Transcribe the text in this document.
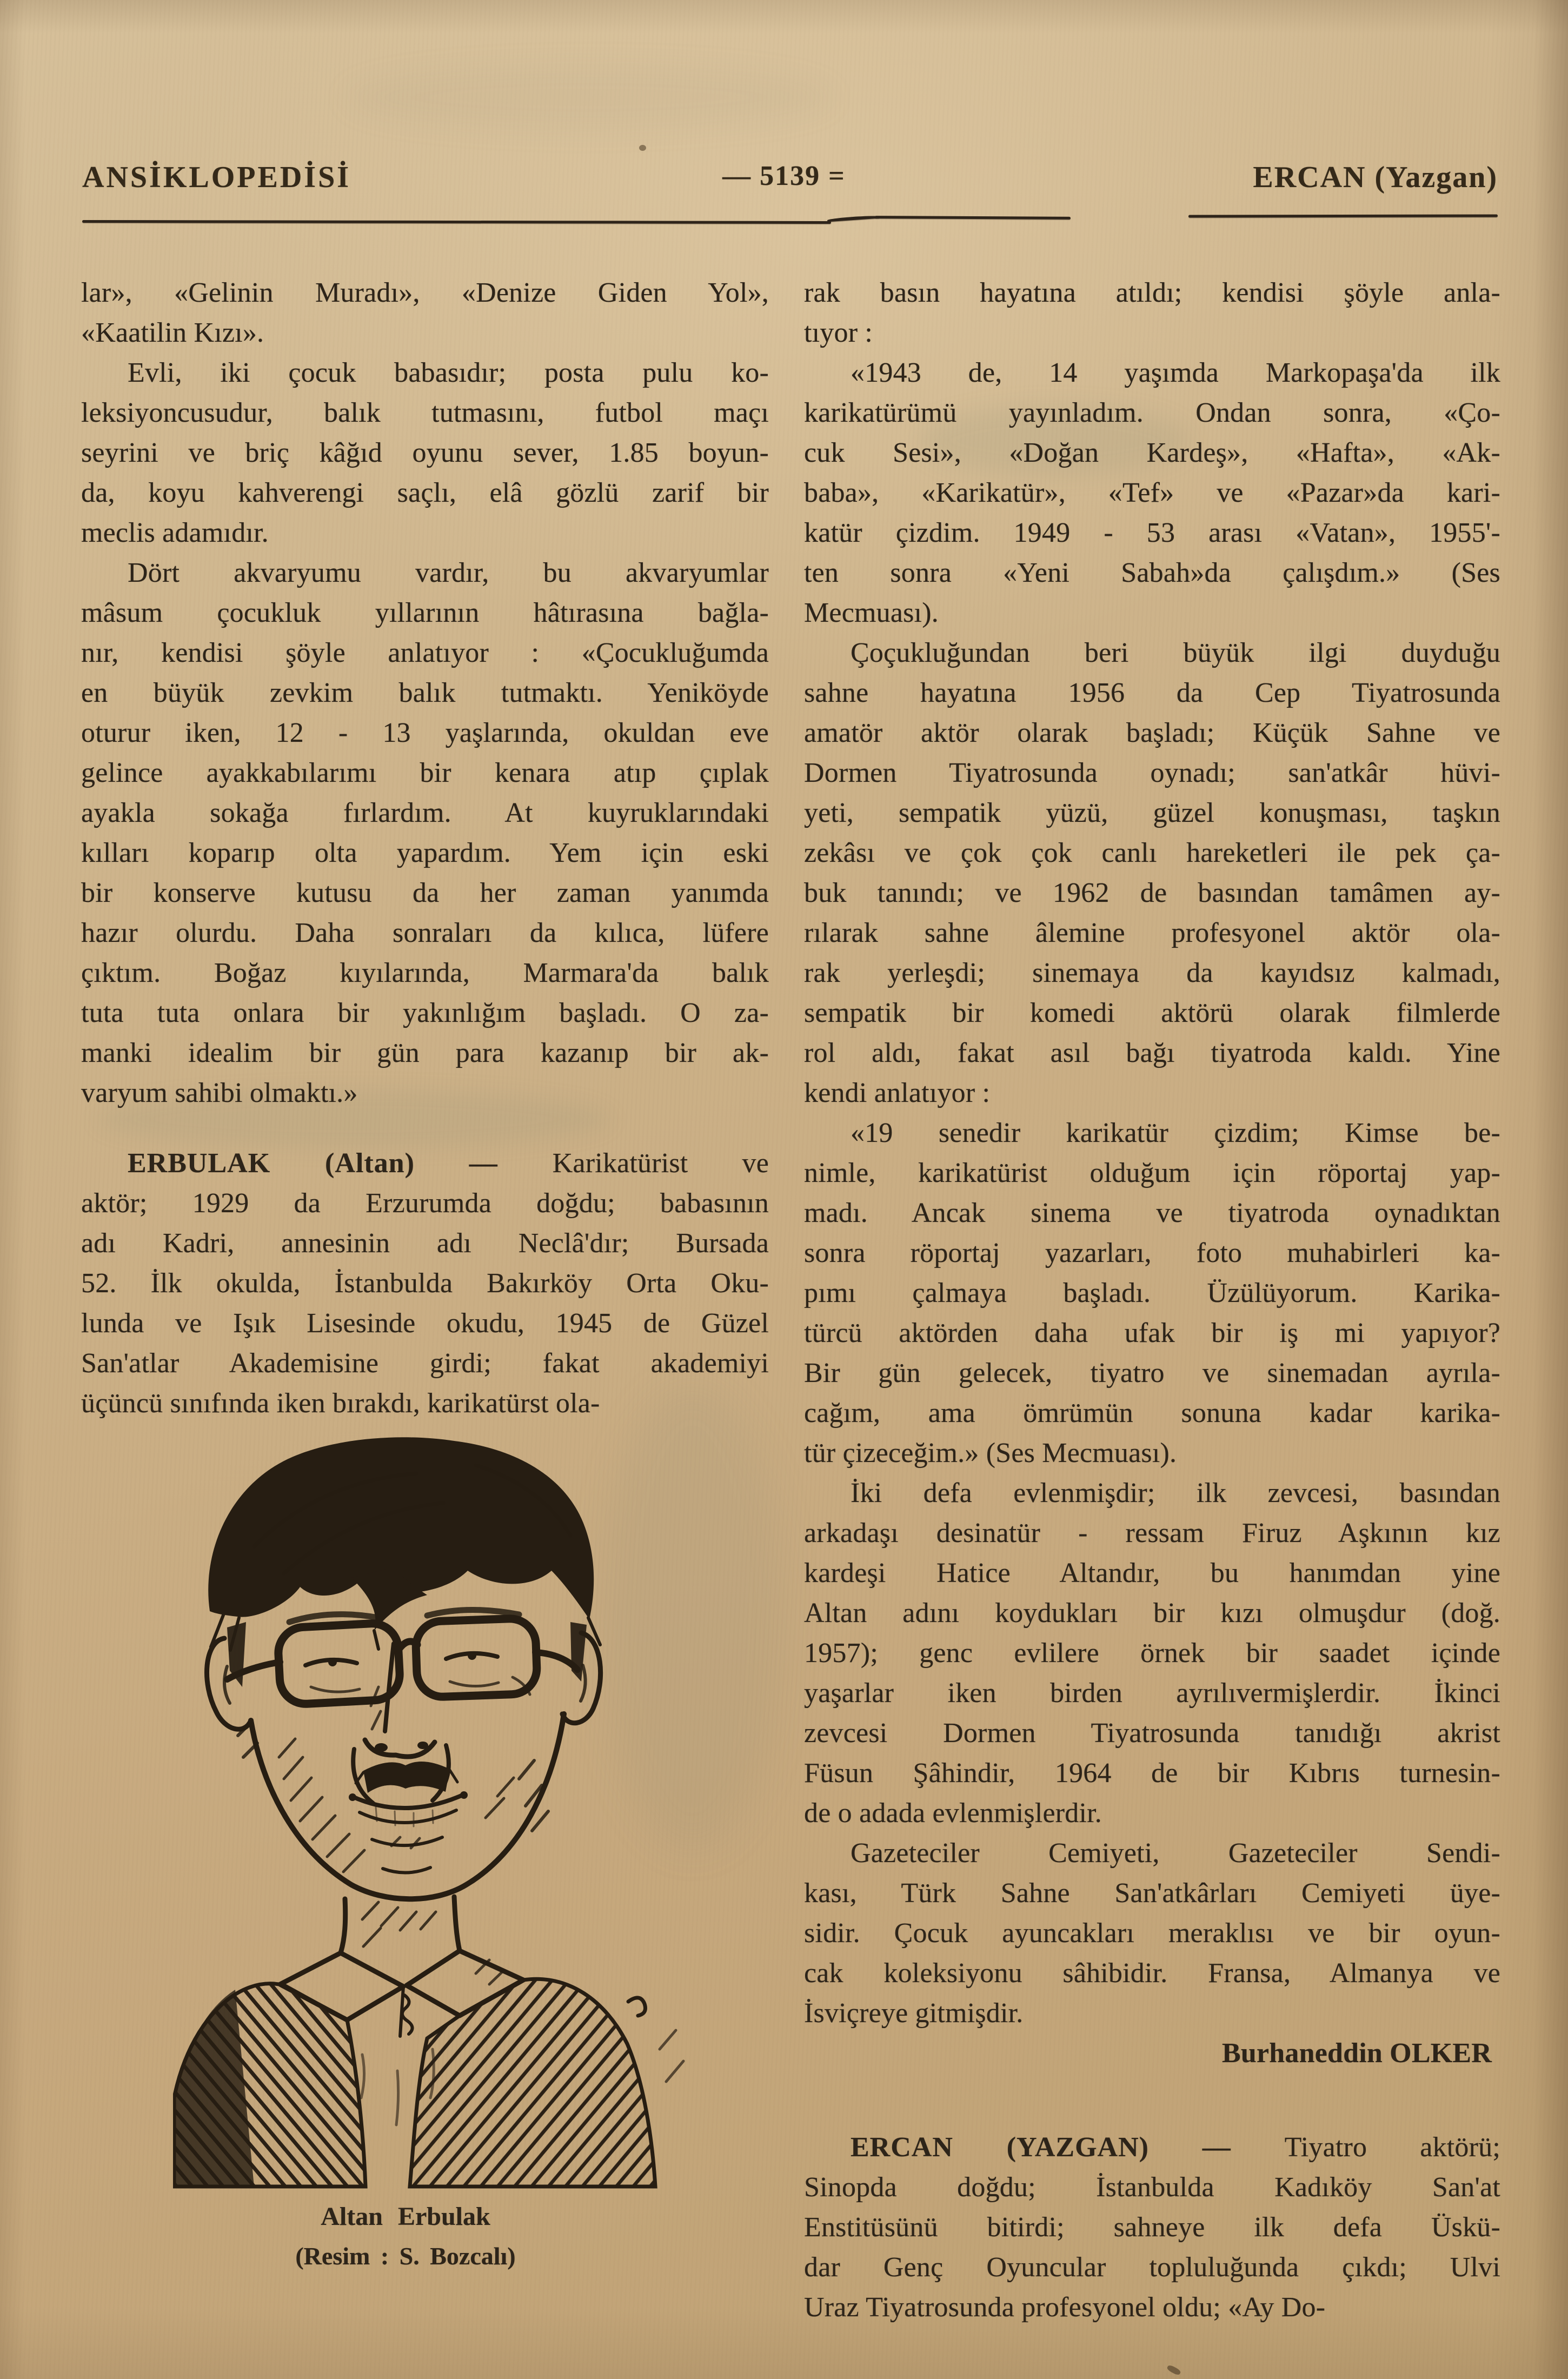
ANSİKLOPEDİSİ	— 5139 =	ERCAN (Yazgan)
lar», «Gelinin Muradı», «Denize Giden Yol»,
«Kaatilin Kızı».
Evli, iki çocuk babasıdır; posta pulu ko-
leksiyoncusudur, balık tutmasını, futbol maçı
seyrini ve briç kâğıd oyunu sever, 1.85 boyun-
da, koyu kahverengi saçlı, elâ gözlü zarif bir
meclis adamıdır.
Dört akvaryumu vardır, bu akvaryumlar
mâsum çocukluk yıllarının hâtırasına bağla-
nır, kendisi şöyle anlatıyor : «Çocukluğumda
en büyük zevkim balık tutmaktı. Yeniköyde
oturur iken, 12 - 13 yaşlarında, okuldan eve
gelince ayakkabılarımı bir kenara atıp çıplak
ayakla sokağa fırlardım. At kuyruklarındaki
kılları koparıp olta yapardım. Yem için eski
bir konserve kutusu da her zaman yanımda
hazır olurdu. Daha sonraları da kılıca, lüfere
çıktım. Boğaz kıyılarında, Marmara'da balık
tuta tuta onlara bir yakınlığım başladı. O za-
manki idealim bir gün para kazanıp bir ak-
varyum sahibi olmaktı.»
ERBULAK (Altan) — Karikatürist ve
aktör; 1929 da Erzurumda doğdu; babasının
adı Kadri, annesinin adı Neclâ'dır; Bursada
52. İlk okulda, İstanbulda Bakırköy Orta Oku-
lunda ve Işık Lisesinde okudu, 1945 de Güzel
San'atlar Akademisine girdi; fakat akademiyi
üçüncü sınıfında iken bırakdı, karikatürst ola-
rak basın hayatına atıldı; kendisi şöyle anla-
tıyor :
«1943 de, 14 yaşımda Markopaşa'da ilk
karikatürümü yayınladım. Ondan sonra, «Ço-
cuk Sesi», «Doğan Kardeş», «Hafta», «Ak-
baba», «Karikatür», «Tef» ve «Pazar»da kari-
katür çizdim. 1949 - 53 arası «Vatan», 1955'-
ten sonra «Yeni Sabah»da çalışdım.» (Ses
Mecmuası).
Çoçukluğundan beri büyük ilgi duyduğu
sahne hayatına 1956 da Cep Tiyatrosunda
amatör aktör olarak başladı; Küçük Sahne ve
Dormen Tiyatrosunda oynadı; san'atkâr hüvi-
yeti, sempatik yüzü, güzel konuşması, taşkın
zekâsı ve çok çok canlı hareketleri ile pek ça-
buk tanındı; ve 1962 de basından tamâmen ay-
rılarak sahne âlemine profesyonel aktör ola-
rak yerleşdi; sinemaya da kayıdsız kalmadı,
sempatik bir komedi aktörü olarak filmlerde
rol aldı, fakat asıl bağı tiyatroda kaldı. Yine
kendi anlatıyor :
«19 senedir karikatür çizdim; Kimse be-
nimle, karikatürist olduğum için röportaj yap-
madı. Ancak sinema ve tiyatroda oynadıktan
sonra röportaj yazarları, foto muhabirleri ka-
pımı çalmaya başladı. Üzülüyorum. Karika-
türcü aktörden daha ufak bir iş mi yapıyor?
Bir gün gelecek, tiyatro ve sinemadan ayrıla-
cağım, ama ömrümün sonuna kadar karika-
tür çizeceğim.» (Ses Mecmuası).
İki defa evlenmişdir; ilk zevcesi, basından
arkadaşı desinatür - ressam Firuz Aşkının kız
kardeşi Hatice Altandır, bu hanımdan yine
Altan adını koydukları bir kızı olmuşdur (doğ.
1957); genc evlilere örnek bir saadet içinde
yaşarlar iken birden ayrılıvermişlerdir. İkinci
zevcesi Dormen Tiyatrosunda tanıdığı akrist
Füsun Şâhindir, 1964 de bir Kıbrıs turnesin-
de o adada evlenmişlerdir.
Gazeteciler Cemiyeti, Gazeteciler Sendi-
kası, Türk Sahne San'atkârları Cemiyeti üye-
sidir. Çocuk ayuncakları meraklısı ve bir oyun-
cak koleksiyonu sâhibidir. Fransa, Almanya ve
İsviçreye gitmişdir.
Burhaneddin OLKER
ERCAN (YAZGAN) — Tiyatro aktörü;
Sinopda doğdu; İstanbulda Kadıköy San'at
Enstitüsünü bitirdi; sahneye ilk defa Üskü-
dar Genç Oyuncular topluluğunda çıkdı; Ulvi
Uraz Tiyatrosunda profesyonel oldu; «Ay Do-
Altan Erbulak
(Resim : S. Bozcalı)
